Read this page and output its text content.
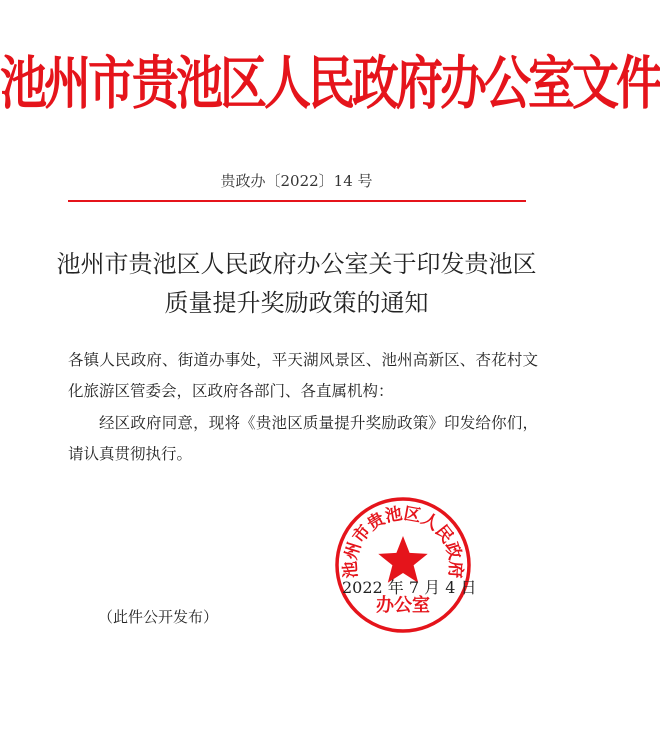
池州市贵池区人民政府办公室文件
贵政办〔2022〕14 号
池州市贵池区人民政府办公室关于印发贵池区
质量提升奖励政策的通知
各镇人民政府、街道办事处，平天湖风景区、池州高新区、杏花村文化旅游区管委会，区政府各部门、各直属机构：
经区政府同意，现将《贵池区质量提升奖励政策》印发给你们，请认真贯彻执行。
池州市贵池区人民政府
办公室
2022 年 7 月 4 日
（此件公开发布）
